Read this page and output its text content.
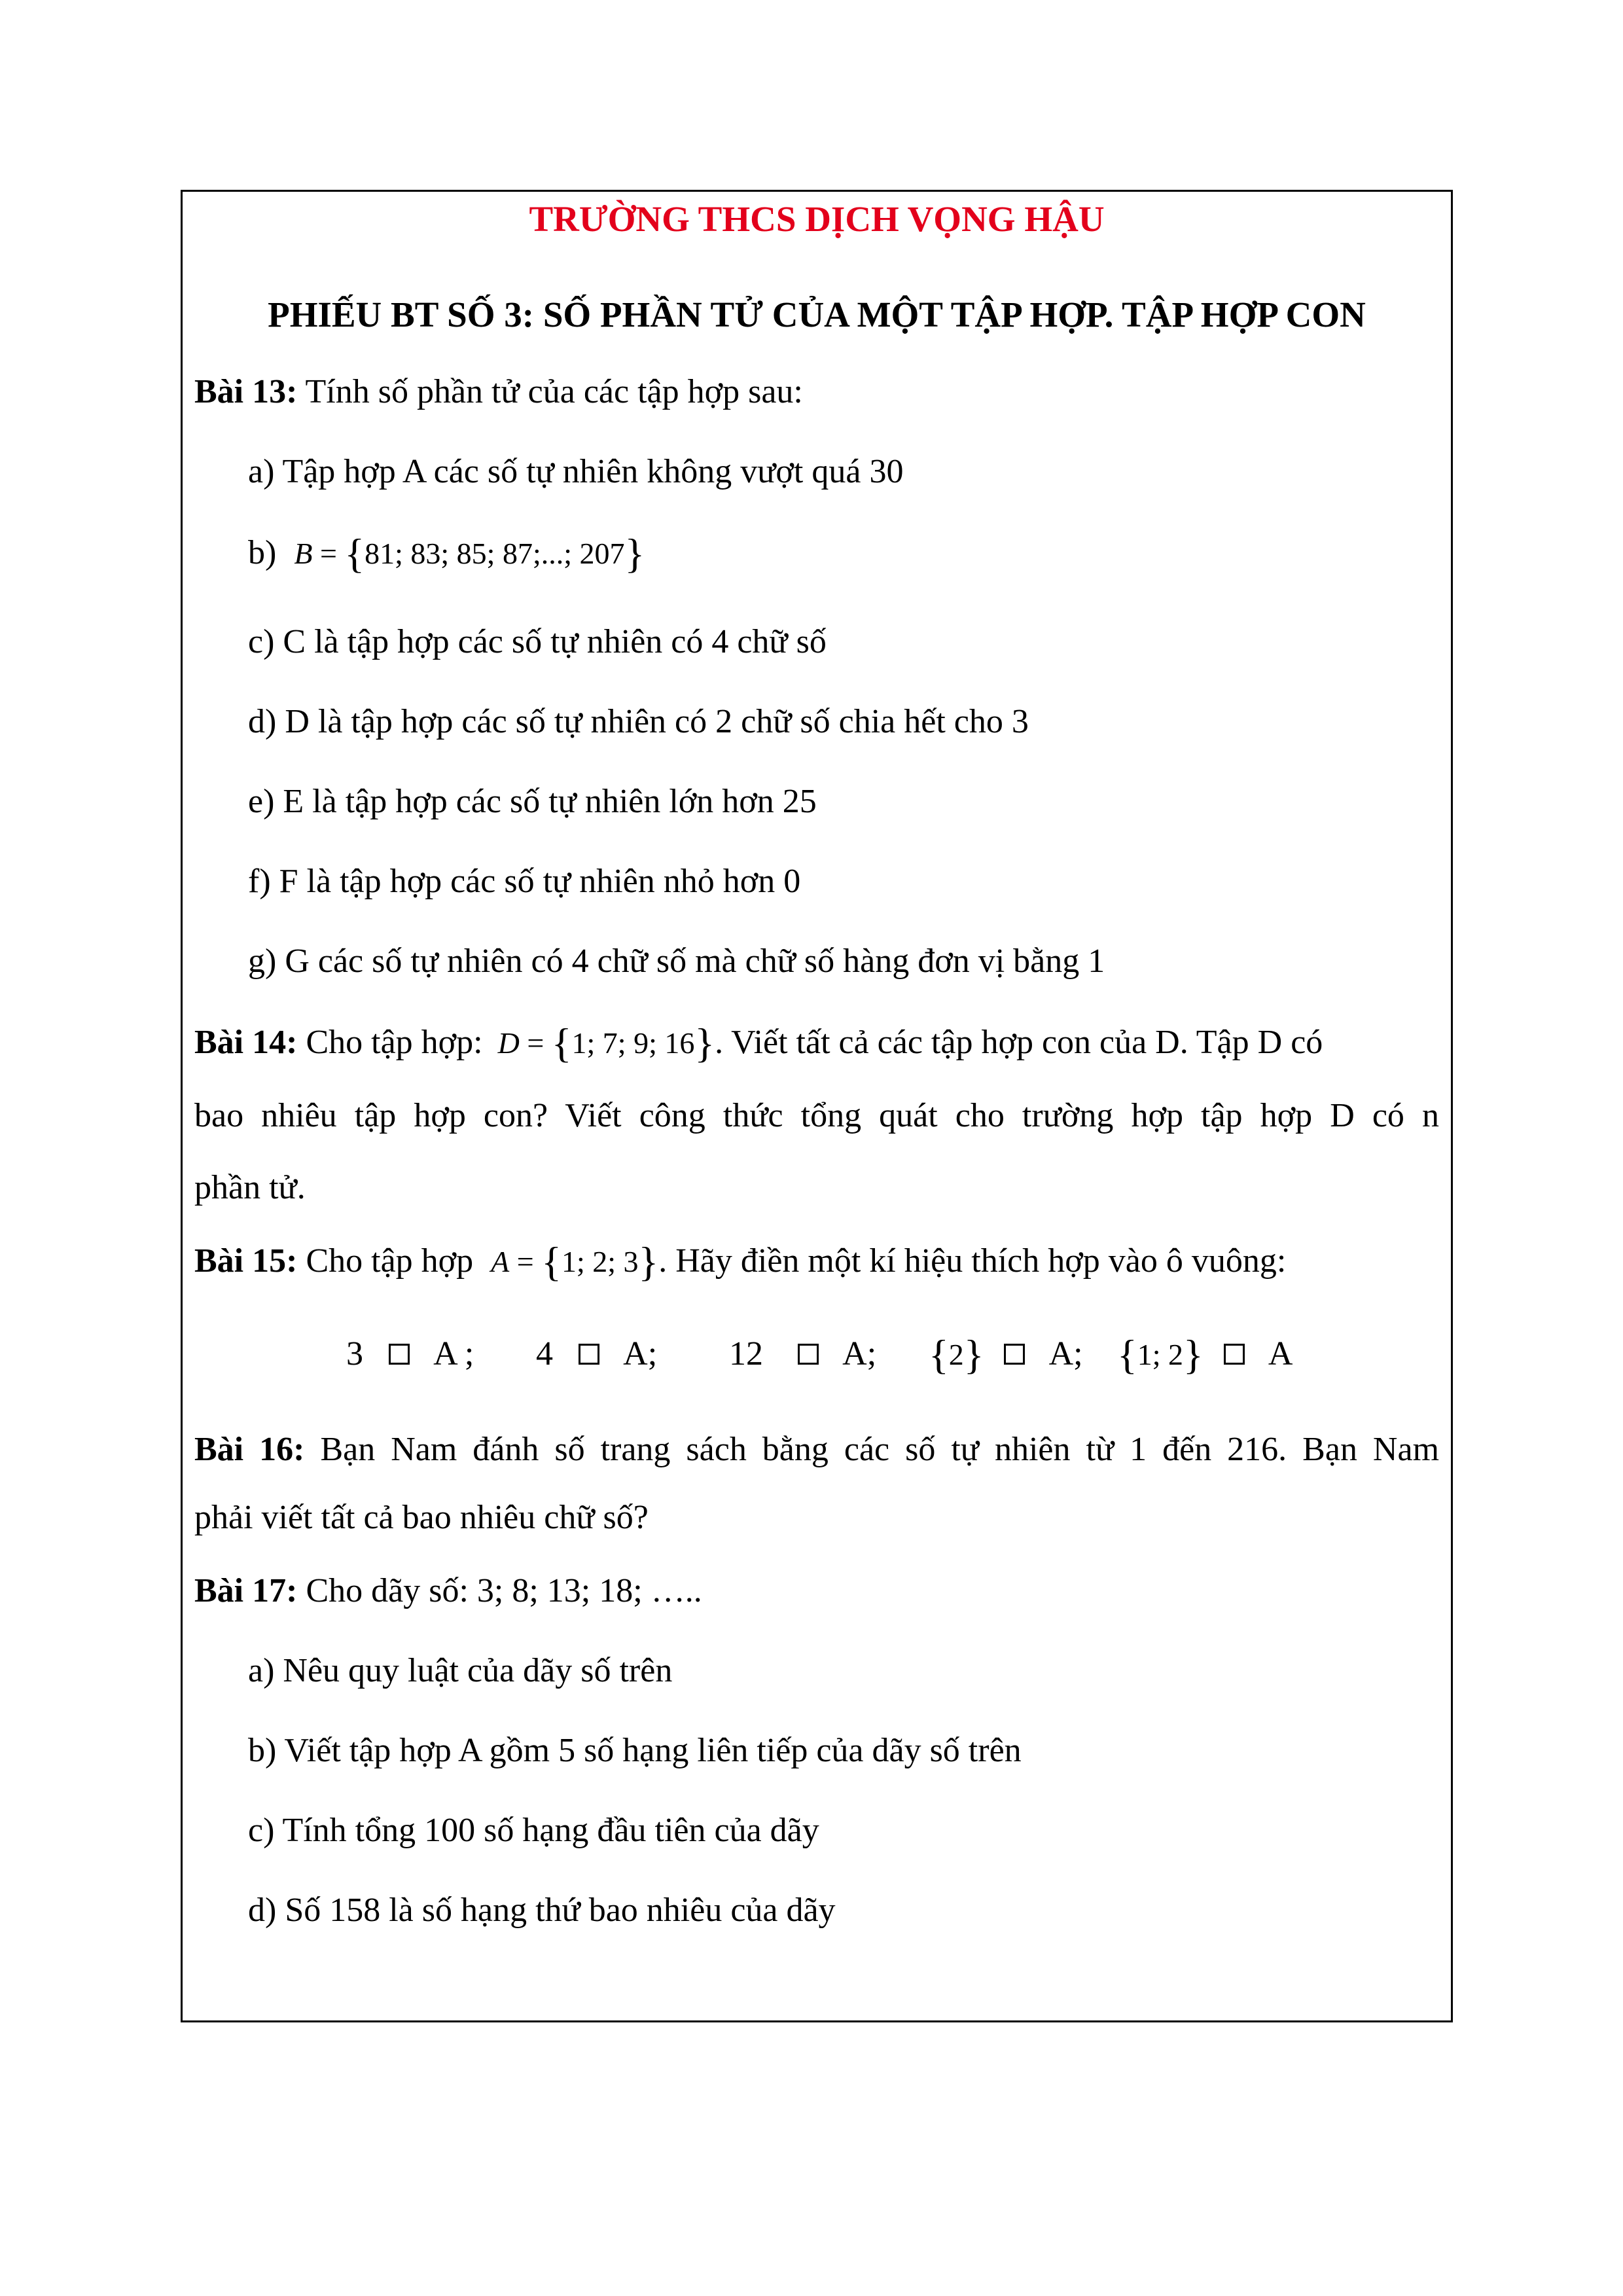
TRƯỜNG THCS DỊCH VỌNG HẬU
PHIẾU BT SỐ 3: SỐ PHẦN TỬ CỦA MỘT TẬP HỢP. TẬP HỢP CON
Bài 13: Tính số phần tử của các tập hợp sau:
a) Tập hợp A các số tự nhiên không vượt quá 30
b) B = {81; 83; 85; 87;...; 207}
c) C là tập hợp các số tự nhiên có 4 chữ số
d) D là tập hợp các số tự nhiên có 2 chữ số chia hết cho 3
e) E là tập hợp các số tự nhiên lớn hơn 25
f) F là tập hợp các số tự nhiên nhỏ hơn 0
g) G các số tự nhiên có 4 chữ số mà chữ số hàng đơn vị bằng 1
Bài 14: Cho tập hợp: D = {1; 7; 9; 16}. Viết tất cả các tập hợp con của D. Tập D có
bao nhiêu tập hợp con? Viết công thức tổng quát cho trường hợp tập hợp D có n
phần tử.
Bài 15: Cho tập hợp A = {1; 2; 3}. Hãy điền một kí hiệu thích hợp vào ô vuông:
3 A ; 4 A; 12 A; {2} A; {1; 2} A
Bài 16: Bạn Nam đánh số trang sách bằng các số tự nhiên từ 1 đến 216. Bạn Nam
phải viết tất cả bao nhiêu chữ số?
Bài 17: Cho dãy số: 3; 8; 13; 18; …..
a) Nêu quy luật của dãy số trên
b) Viết tập hợp A gồm 5 số hạng liên tiếp của dãy số trên
c) Tính tổng 100 số hạng đầu tiên của dãy
d) Số 158 là số hạng thứ bao nhiêu của dãy
